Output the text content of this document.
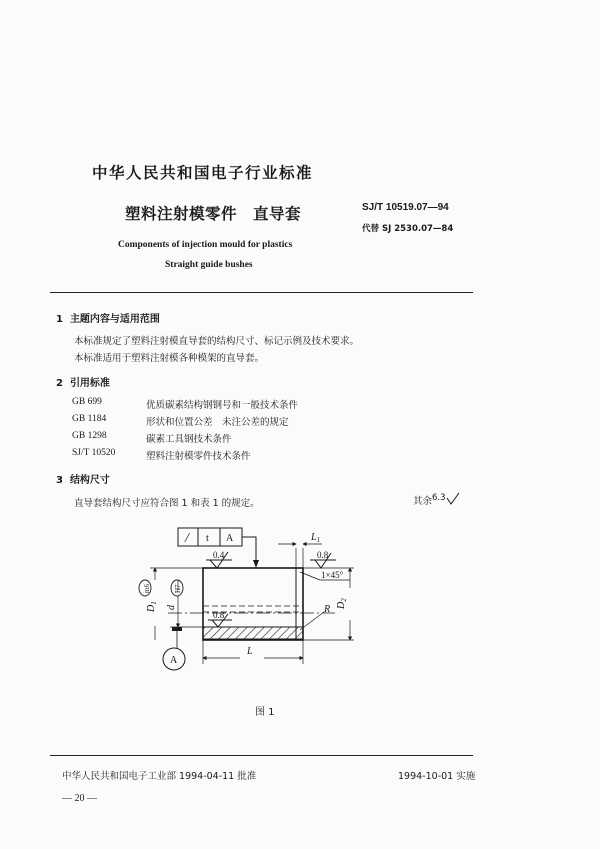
中华人民共和国电子行业标准
塑料注射模零件　直导套	SJ/T 10519.07—94
代替 SJ 2530.07—84
Components of injection mould for plastics
Straight guide bushes
1 主题内容与适用范围
本标准规定了塑料注射模直导套的结构尺寸、标记示例及技术要求。
本标准适用于塑料注射模各种模架的直导套。
2 引用标准
GB 699	优质碳素结构钢钢号和一般技术条件
GB 1184	形状和位置公差　未注公差的规定
GB 1298	碳素工具钢技术条件
SJ/T 10520	塑料注射模零件技术条件
3 结构尺寸
直导套结构尺寸应符合图 1 和表 1 的规定。	其余$^{6.3}$
/ t A
0.4	0.8
0.8
$L_1$
1×45°
R $D_2$
m6
$D_1$
H7
d
A
L
图 1
中华人民共和国电子工业部 1994-04-11 批准	1994-10-01 实施
— 20 —
